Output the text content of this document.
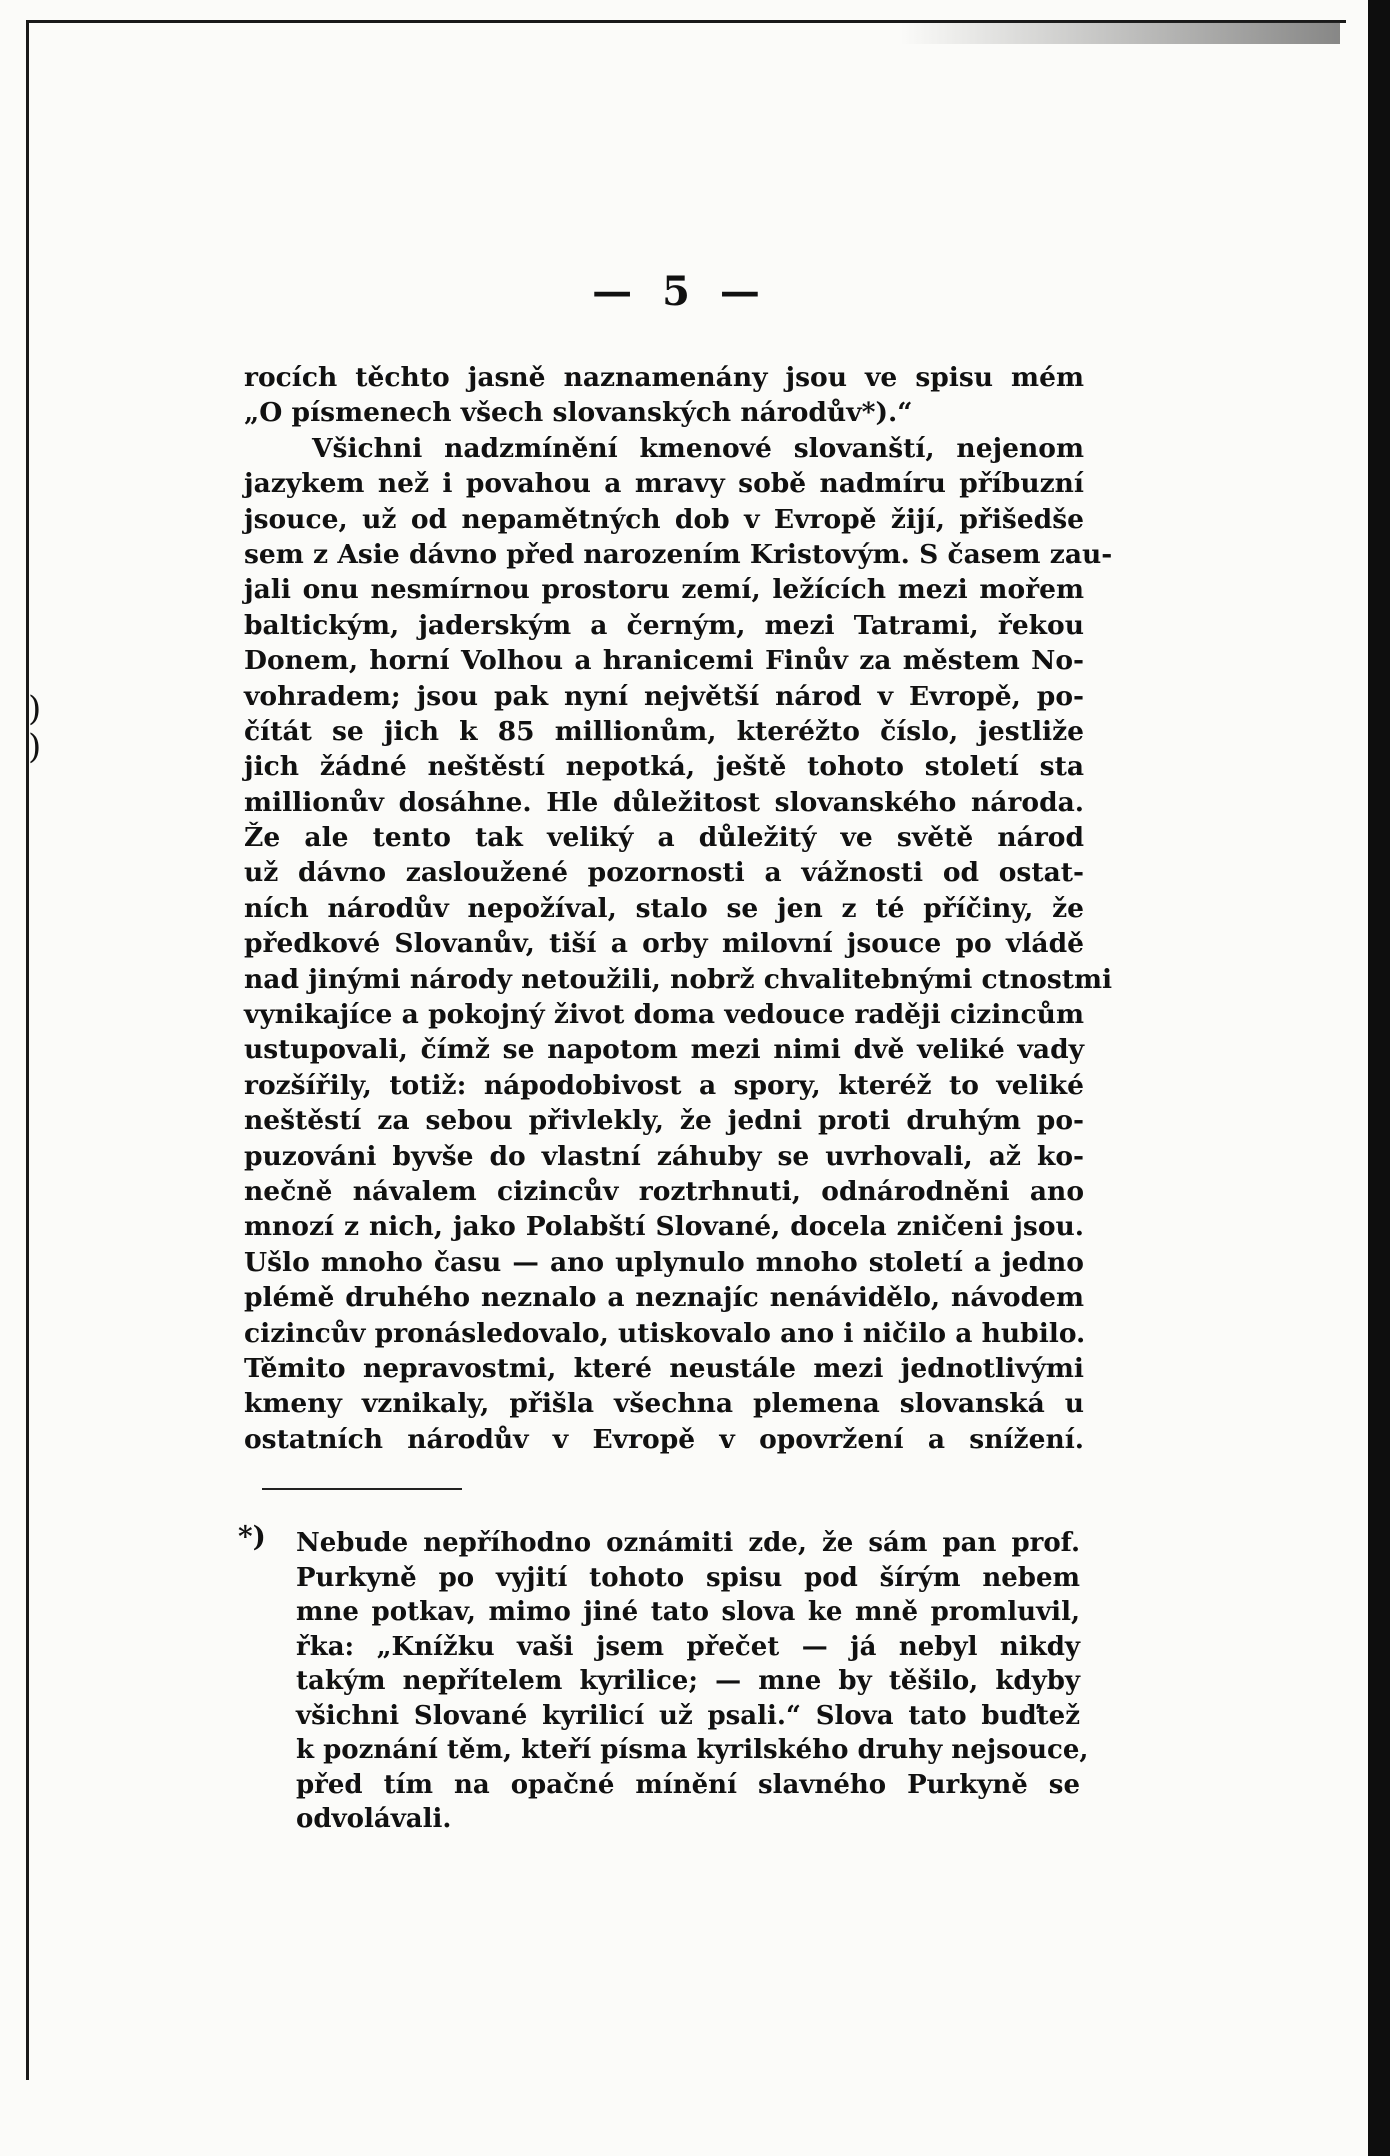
)
)
— 5 —
rocích těchto jasně naznamenány jsou ve spisu mém
„O písmenech všech slovanských národův*).“
Všichni nadzmínění kmenové slovanští, nejenom
jazykem než i povahou a mravy sobě nadmíru příbuzní
jsouce, už od nepamětných dob v Evropě žijí, přišedše
sem z Asie dávno před narozením Kristovým. S časem zau-
jali onu nesmírnou prostoru zemí, ležících mezi mořem
baltickým, jaderským a černým, mezi Tatrami, řekou
Donem, horní Volhou a hranicemi Finův za městem No-
vohradem; jsou pak nyní největší národ v Evropě, po-
čítát se jich k 85 millionům, kteréžto číslo, jestliže
jich žádné neštěstí nepotká, ještě tohoto století sta
millionův dosáhne. Hle důležitost slovanského národa.
Že ale tento tak veliký a důležitý ve světě národ
už dávno zasloužené pozornosti a vážnosti od ostat-
ních národův nepožíval, stalo se jen z té příčiny, že
předkové Slovanův, tiší a orby milovní jsouce po vládě
nad jinými národy netoužili, nobrž chvalitebnými ctnostmi
vynikajíce a pokojný život doma vedouce raději cizincům
ustupovali, čímž se napotom mezi nimi dvě veliké vady
rozšířily, totiž: nápodobivost a spory, kteréž to veliké
neštěstí za sebou přivlekly, že jedni proti druhým po-
puzováni byvše do vlastní záhuby se uvrhovali, až ko-
nečně návalem cizincův roztrhnuti, odnárodněni ano
mnozí z nich, jako Polabští Slované, docela zničeni jsou.
Ušlo mnoho času — ano uplynulo mnoho století a jedno
plémě druhého neznalo a neznajíc nenávidělo, návodem
cizincův pronásledovalo, utiskovalo ano i ničilo a hubilo.
Těmito nepravostmi, které neustále mezi jednotlivými
kmeny vznikaly, přišla všechna plemena slovanská u
ostatních národův v Evropě v opovržení a snížení.
*)	Nebude nepříhodno oznámiti zde, že sám pan prof.
Purkyně po vyjití tohoto spisu pod šírým nebem
mne potkav, mimo jiné tato slova ke mně promluvil,
řka: „Knížku vaši jsem přečet — já nebyl nikdy
takým nepřítelem kyrilice; — mne by těšilo, kdyby
všichni Slované kyrilicí už psali.“ Slova tato buďtež
k poznání těm, kteří písma kyrilského druhy nejsouce,
před tím na opačné mínění slavného Purkyně se
odvolávali.
